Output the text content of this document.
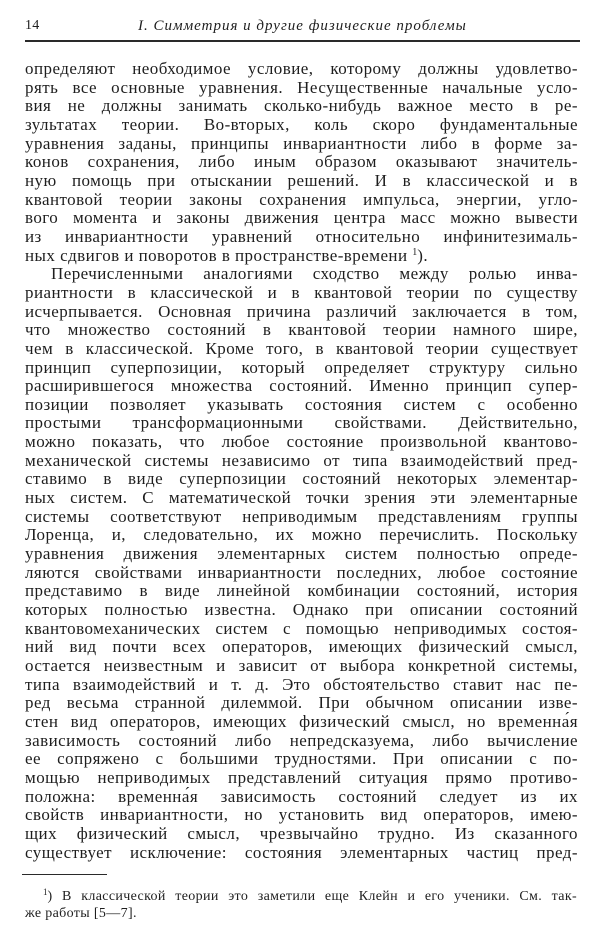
14	I. Симметрия и другие физические проблемы
определяют необходимое условие, которому должны удовлетво-
рять все основные уравнения. Несущественные начальные усло-
вия не должны занимать сколько-нибудь важное место в ре-
зультатах теории. Во-вторых, коль скоро фундаментальные
уравнения заданы, принципы инвариантности либо в форме за-
конов сохранения, либо иным образом оказывают значитель-
ную помощь при отыскании решений. И в классической и в
квантовой теории законы сохранения импульса, энергии, угло-
вого момента и законы движения центра масс можно вывести
из инвариантности уравнений относительно инфинитезималь-
ных сдвигов и поворотов в пространстве-времени $^1$).
Перечисленными аналогиями сходство между ролью инва-
риантности в классической и в квантовой теории по существу
исчерпывается. Основная причина различий заключается в том,
что множество состояний в квантовой теории намного шире,
чем в классической. Кроме того, в квантовой теории существует
принцип суперпозиции, который определяет структуру сильно
расширившегося множества состояний. Именно принцип супер-
позиции позволяет указывать состояния систем с особенно
простыми трансформационными свойствами. Действительно,
можно показать, что любое состояние произвольной квантово-
механической системы независимо от типа взаимодействий пред-
ставимо в виде суперпозиции состояний некоторых элементар-
ных систем. С математической точки зрения эти элементарные
системы соответствуют неприводимым представлениям группы
Лоренца, и, следовательно, их можно перечислить. Поскольку
уравнения движения элементарных систем полностью опреде-
ляются свойствами инвариантности последних, любое состояние
представимо в виде линейной комбинации состояний, история
которых полностью известна. Однако при описании состояний
квантовомеханических систем с помощью неприводимых состоя-
ний вид почти всех операторов, имеющих физический смысл,
остается неизвестным и зависит от выбора конкретной системы,
типа взаимодействий и т. д. Это обстоятельство ставит нас пе-
ред весьма странной дилеммой. При обычном описании изве-
стен вид операторов, имеющих физический смысл, но временна́я
зависимость состояний либо непредсказуема, либо вычисление
ее сопряжено с большими трудностями. При описании с по-
мощью неприводимых представлений ситуация прямо противо-
положна: временна́я зависимость состояний следует из их
свойств инвариантности, но установить вид операторов, имею-
щих физический смысл, чрезвычайно трудно. Из сказанного
существует исключение: состояния элементарных частиц пред-
$^1$) В классической теории это заметили еще Клейн и его ученики. См. так-
же работы [5—7].
